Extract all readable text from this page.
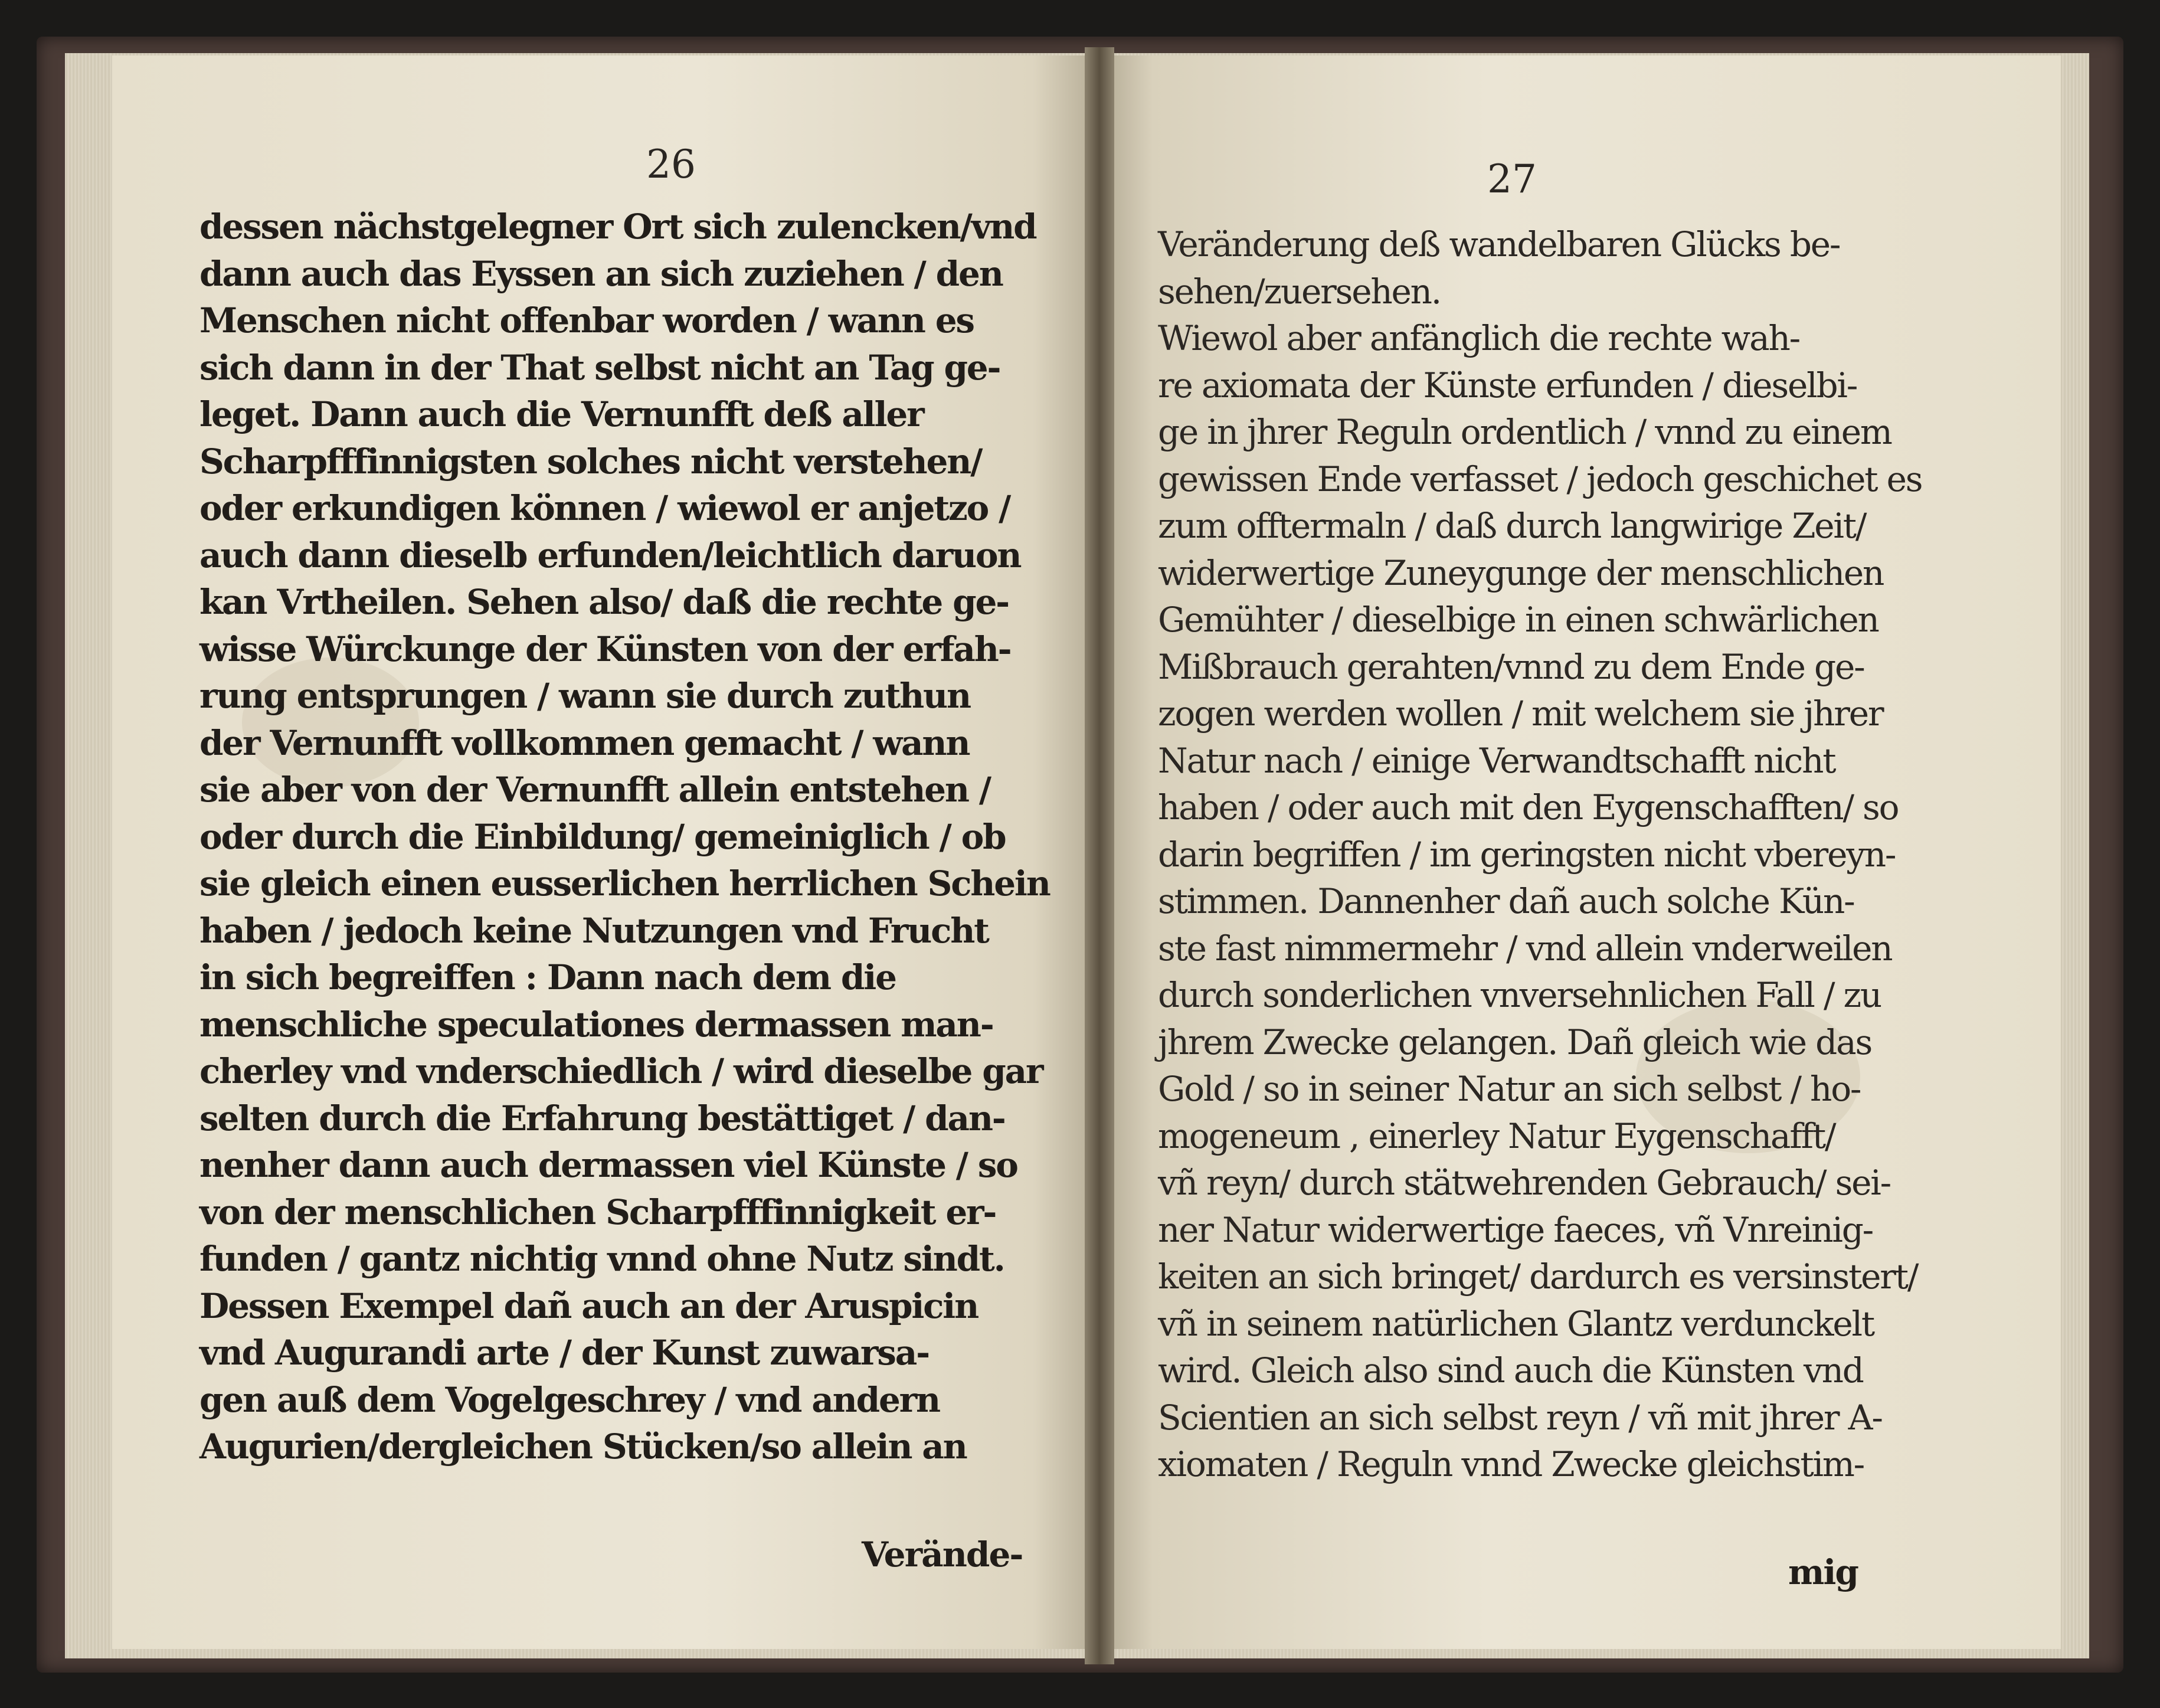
26	27
dessen nächstgelegner Ort sich zulencken/vnd
dann auch das Eyssen an sich zuziehen / den
Menschen nicht offenbar worden / wann es
sich dann in der That selbst nicht an Tag ge-
leget. Dann auch die Vernunfft deß aller
Scharpfffinnigsten solches nicht verstehen/
oder erkundigen können / wiewol er anjetzo /
auch dann dieselb erfunden/leichtlich daruon
kan Vrtheilen. Sehen also/ daß die rechte ge-
wisse Würckunge der Künsten von der erfah-
rung entsprungen / wann sie durch zuthun
der Vernunfft vollkommen gemacht / wann
sie aber von der Vernunfft allein entstehen /
oder durch die Einbildung/ gemeiniglich / ob
sie gleich einen eusserlichen herrlichen Schein
haben / jedoch keine Nutzungen vnd Frucht
in sich begreiffen : Dann nach dem die
menschliche speculationes dermassen man-
cherley vnd vnderschiedlich / wird dieselbe gar
selten durch die Erfahrung bestättiget / dan-
nenher dann auch dermassen viel Künste / so
von der menschlichen Scharpfffinnigkeit er-
funden / gantz nichtig vnnd ohne Nutz sindt.
Dessen Exempel dañ auch an der Aruspicin
vnd Augurandi arte / der Kunst zuwarsa-
gen auß dem Vogelgeschrey / vnd andern
Augurien/dergleichen Stücken/so allein an
Veränderung deß wandelbaren Glücks be-
sehen/zuersehen.
Wiewol aber anfänglich die rechte wah-
re axiomata der Künste erfunden / dieselbi-
ge in jhrer Reguln ordentlich / vnnd zu einem
gewissen Ende verfasset / jedoch geschichet es
zum offtermaln / daß durch langwirige Zeit/
widerwertige Zuneygunge der menschlichen
Gemühter / dieselbige in einen schwärlichen
Mißbrauch gerahten/vnnd zu dem Ende ge-
zogen werden wollen / mit welchem sie jhrer
Natur nach / einige Verwandtschafft nicht
haben / oder auch mit den Eygenschafften/ so
darin begriffen / im geringsten nicht vbereyn-
stimmen. Dannenher dañ auch solche Kün-
ste fast nimmermehr / vnd allein vnderweilen
durch sonderlichen vnversehnlichen Fall / zu
jhrem Zwecke gelangen. Dañ gleich wie das
Gold / so in seiner Natur an sich selbst / ho-
mogeneum , einerley Natur Eygenschafft/
vñ reyn/ durch stätwehrenden Gebrauch/ sei-
ner Natur widerwertige faeces, vñ Vnreinig-
keiten an sich bringet/ dardurch es versinstert/
vñ in seinem natürlichen Glantz verdunckelt
wird. Gleich also sind auch die Künsten vnd
Scientien an sich selbst reyn / vñ mit jhrer A-
xiomaten / Reguln vnnd Zwecke gleichstim-
Verände-	mig
